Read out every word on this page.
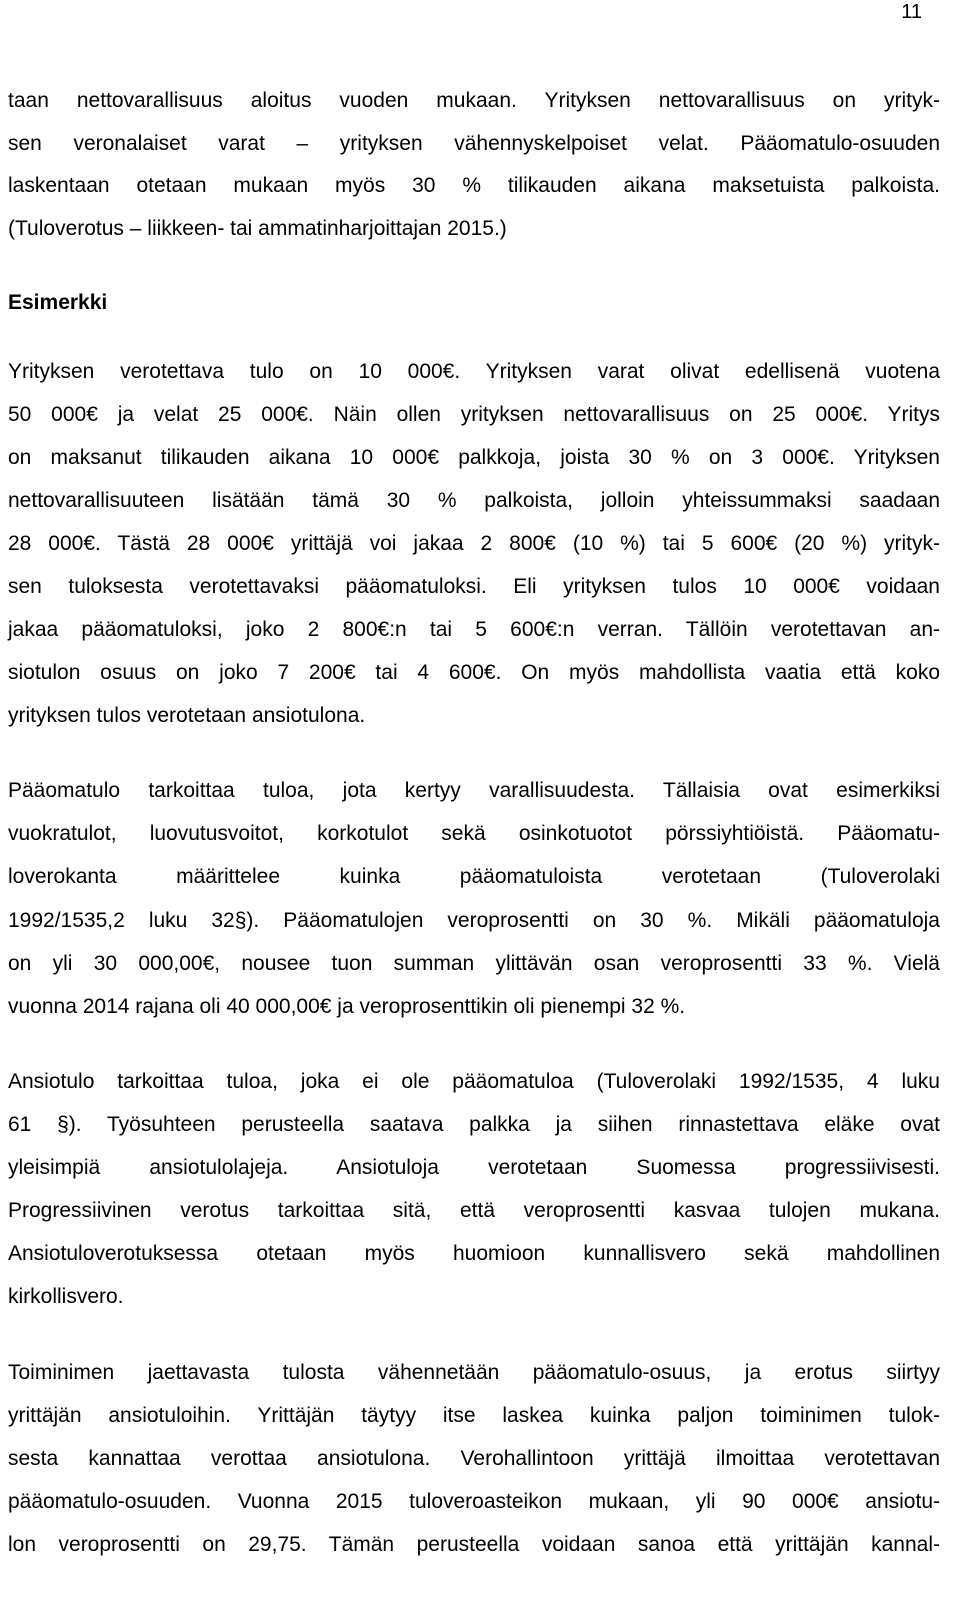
11
taan nettovarallisuus aloitus vuoden mukaan. Yrityksen nettovarallisuus on yrityk-
sen veronalaiset varat – yrityksen vähennyskelpoiset velat. Pääomatulo-osuuden
laskentaan otetaan mukaan myös 30 % tilikauden aikana maksetuista palkoista.
(Tuloverotus – liikkeen- tai ammatinharjoittajan 2015.)
Esimerkki
Yrityksen verotettava tulo on 10 000€. Yrityksen varat olivat edellisenä vuotena
50 000€ ja velat 25 000€. Näin ollen yrityksen nettovarallisuus on 25 000€. Yritys
on maksanut tilikauden aikana 10 000€ palkkoja, joista 30 % on 3 000€. Yrityksen
nettovarallisuuteen lisätään tämä 30 % palkoista, jolloin yhteissummaksi saadaan
28 000€. Tästä 28 000€ yrittäjä voi jakaa 2 800€ (10 %) tai 5 600€ (20 %) yrityk-
sen tuloksesta verotettavaksi pääomatuloksi. Eli yrityksen tulos 10 000€ voidaan
jakaa pääomatuloksi, joko 2 800€:n tai 5 600€:n verran. Tällöin verotettavan an-
siotulon osuus on joko 7 200€ tai 4 600€. On myös mahdollista vaatia että koko
yrityksen tulos verotetaan ansiotulona.
Pääomatulo tarkoittaa tuloa, jota kertyy varallisuudesta. Tällaisia ovat esimerkiksi
vuokratulot, luovutusvoitot, korkotulot sekä osinkotuotot pörssiyhtiöistä. Pääomatu-
loverokanta määrittelee kuinka pääomatuloista verotetaan (Tuloverolaki
1992/1535,2 luku 32§). Pääomatulojen veroprosentti on 30 %. Mikäli pääomatuloja
on yli 30 000,00€, nousee tuon summan ylittävän osan veroprosentti 33 %. Vielä
vuonna 2014 rajana oli 40 000,00€ ja veroprosenttikin oli pienempi 32 %.
Ansiotulo tarkoittaa tuloa, joka ei ole pääomatuloa (Tuloverolaki 1992/1535, 4 luku
61 §). Työsuhteen perusteella saatava palkka ja siihen rinnastettava eläke ovat
yleisimpiä ansiotulolajeja. Ansiotuloja verotetaan Suomessa progressiivisesti.
Progressiivinen verotus tarkoittaa sitä, että veroprosentti kasvaa tulojen mukana.
Ansiotuloverotuksessa otetaan myös huomioon kunnallisvero sekä mahdollinen
kirkollisvero.
Toiminimen jaettavasta tulosta vähennetään pääomatulo-osuus, ja erotus siirtyy
yrittäjän ansiotuloihin. Yrittäjän täytyy itse laskea kuinka paljon toiminimen tulok-
sesta kannattaa verottaa ansiotulona. Verohallintoon yrittäjä ilmoittaa verotettavan
pääomatulo-osuuden. Vuonna 2015 tuloveroasteikon mukaan, yli 90 000€ ansiotu-
lon veroprosentti on 29,75. Tämän perusteella voidaan sanoa että yrittäjän kannal-
